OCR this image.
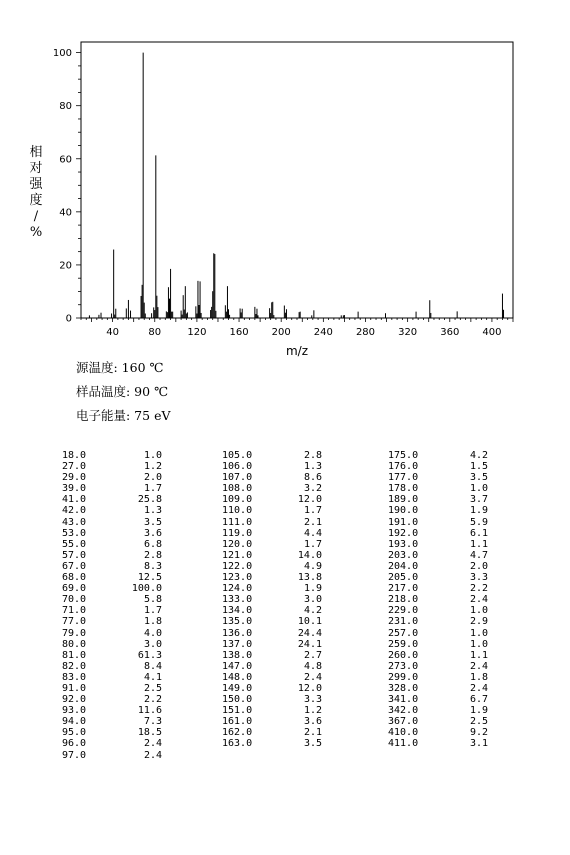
40	80	120 160 200 240 280 320 360 400
0
20
40
60
80
100
m/z
相
对
强
度
/
%
源温度: 160 ℃
样品温度: 90 ℃
电子能量: 75 eV
18.0	1.0
27.0	1.2
29.0	2.0
39.0	1.7
41.0	25.8
42.0	1.3
43.0	3.5
53.0	3.6
55.0	6.8
57.0	2.8
67.0	8.3
68.0	12.5
69.0	100.0
70.0	5.8
71.0	1.7
77.0	1.8
79.0	4.0
80.0	3.0
81.0	61.3
82.0	8.4
83.0	4.1
91.0	2.5
92.0	2.2
93.0	11.6
94.0	7.3
95.0	18.5
96.0	2.4
97.0	2.4
105.0	2.8
106.0	1.3
107.0	8.6
108.0	3.2
109.0	12.0
110.0	1.7
111.0	2.1
119.0	4.4
120.0	1.7
121.0	14.0
122.0	4.9
123.0	13.8
124.0	1.9
133.0	3.0
134.0	4.2
135.0	10.1
136.0	24.4
137.0	24.1
138.0	2.7
147.0	4.8
148.0	2.4
149.0	12.0
150.0	3.3
151.0	1.2
161.0	3.6
162.0	2.1
163.0	3.5
175.0	4.2
176.0	1.5
177.0	3.5
178.0	1.0
189.0	3.7
190.0	1.9
191.0	5.9
192.0	6.1
193.0	1.1
203.0	4.7
204.0	2.0
205.0	3.3
217.0	2.2
218.0	2.4
229.0	1.0
231.0	2.9
257.0	1.0
259.0	1.0
260.0	1.1
273.0	2.4
299.0	1.8
328.0	2.4
341.0	6.7
342.0	1.9
367.0	2.5
410.0	9.2
411.0	3.1
